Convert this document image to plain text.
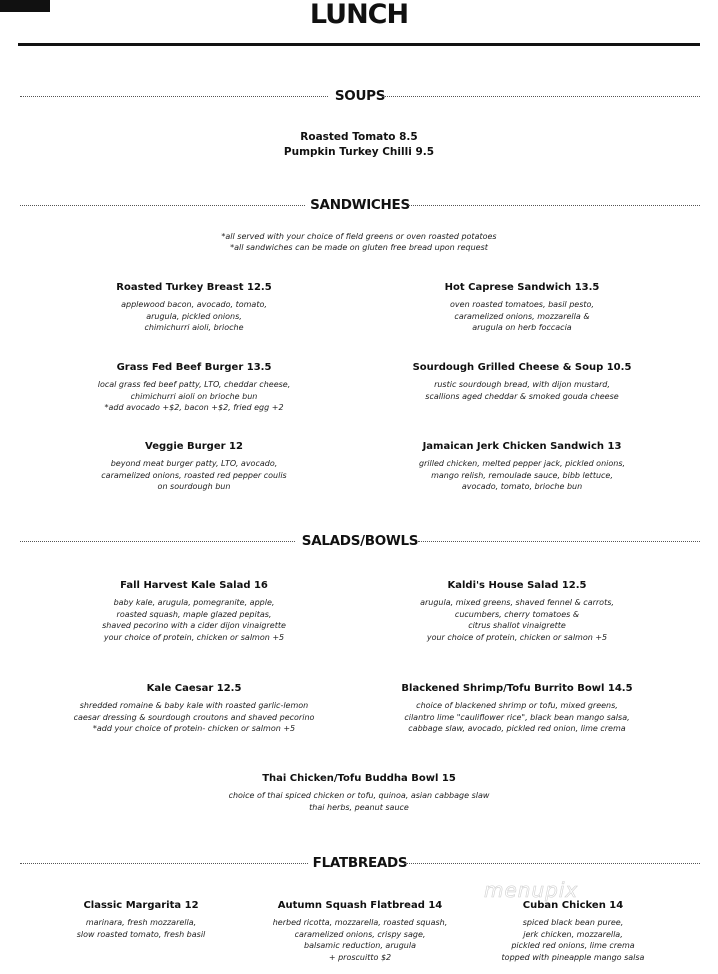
LUNCH
SOUPS
Roasted Tomato 8.5
Pumpkin Turkey Chilli 9.5
SANDWICHES
*all served with your choice of field greens or oven roasted potatoes
*all sandwiches can be made on gluten free bread upon request
Roasted Turkey Breast 12.5
applewood bacon, avocado, tomato,
arugula, pickled onions,
chimichurri aioli, brioche
Hot Caprese Sandwich 13.5
oven roasted tomatoes, basil pesto,
caramelized onions, mozzarella &
arugula on herb foccacia
Grass Fed Beef Burger 13.5
local grass fed beef patty, LTO, cheddar cheese,
chimichurri aioli on brioche bun
*add avocado +$2, bacon +$2, fried egg +2
Sourdough Grilled Cheese & Soup 10.5
rustic sourdough bread, with dijon mustard,
scallions aged cheddar & smoked gouda cheese
Veggie Burger 12
beyond meat burger patty, LTO, avocado,
caramelized onions, roasted red pepper coulis
on sourdough bun
Jamaican Jerk Chicken Sandwich 13
grilled chicken, melted pepper jack, pickled onions,
mango relish, remoulade sauce, bibb lettuce,
avocado, tomato, brioche bun
SALADS/BOWLS
Fall Harvest Kale Salad 16
baby kale, arugula, pomegranite, apple,
roasted squash, maple glazed pepitas,
shaved pecorino with a cider dijon vinaigrette
your choice of protein, chicken or salmon +5
Kaldi's House Salad 12.5
arugula, mixed greens, shaved fennel & carrots,
cucumbers, cherry tomatoes &
citrus shallot vinaigrette
your choice of protein, chicken or salmon +5
Kale Caesar 12.5
shredded romaine & baby kale with roasted garlic-lemon
caesar dressing & sourdough croutons and shaved pecorino
*add your choice of protein- chicken or salmon +5
Blackened Shrimp/Tofu Burrito Bowl 14.5
choice of blackened shrimp or tofu, mixed greens,
cilantro lime "cauliflower rice", black bean mango salsa,
cabbage slaw, avocado, pickled red onion, lime crema
Thai Chicken/Tofu Buddha Bowl 15
choice of thai spiced chicken or tofu, quinoa, asian cabbage slaw
thai herbs, peanut sauce
FLATBREADS
menupix
Classic Margarita 12
marinara, fresh mozzarella,
slow roasted tomato, fresh basil
Autumn Squash Flatbread 14
herbed ricotta, mozzarella, roasted squash,
caramelized onions, crispy sage,
balsamic reduction, arugula
+ proscuitto $2
Cuban Chicken 14
spiced black bean puree,
jerk chicken, mozzarella,
pickled red onions, lime crema
topped with pineapple mango salsa
